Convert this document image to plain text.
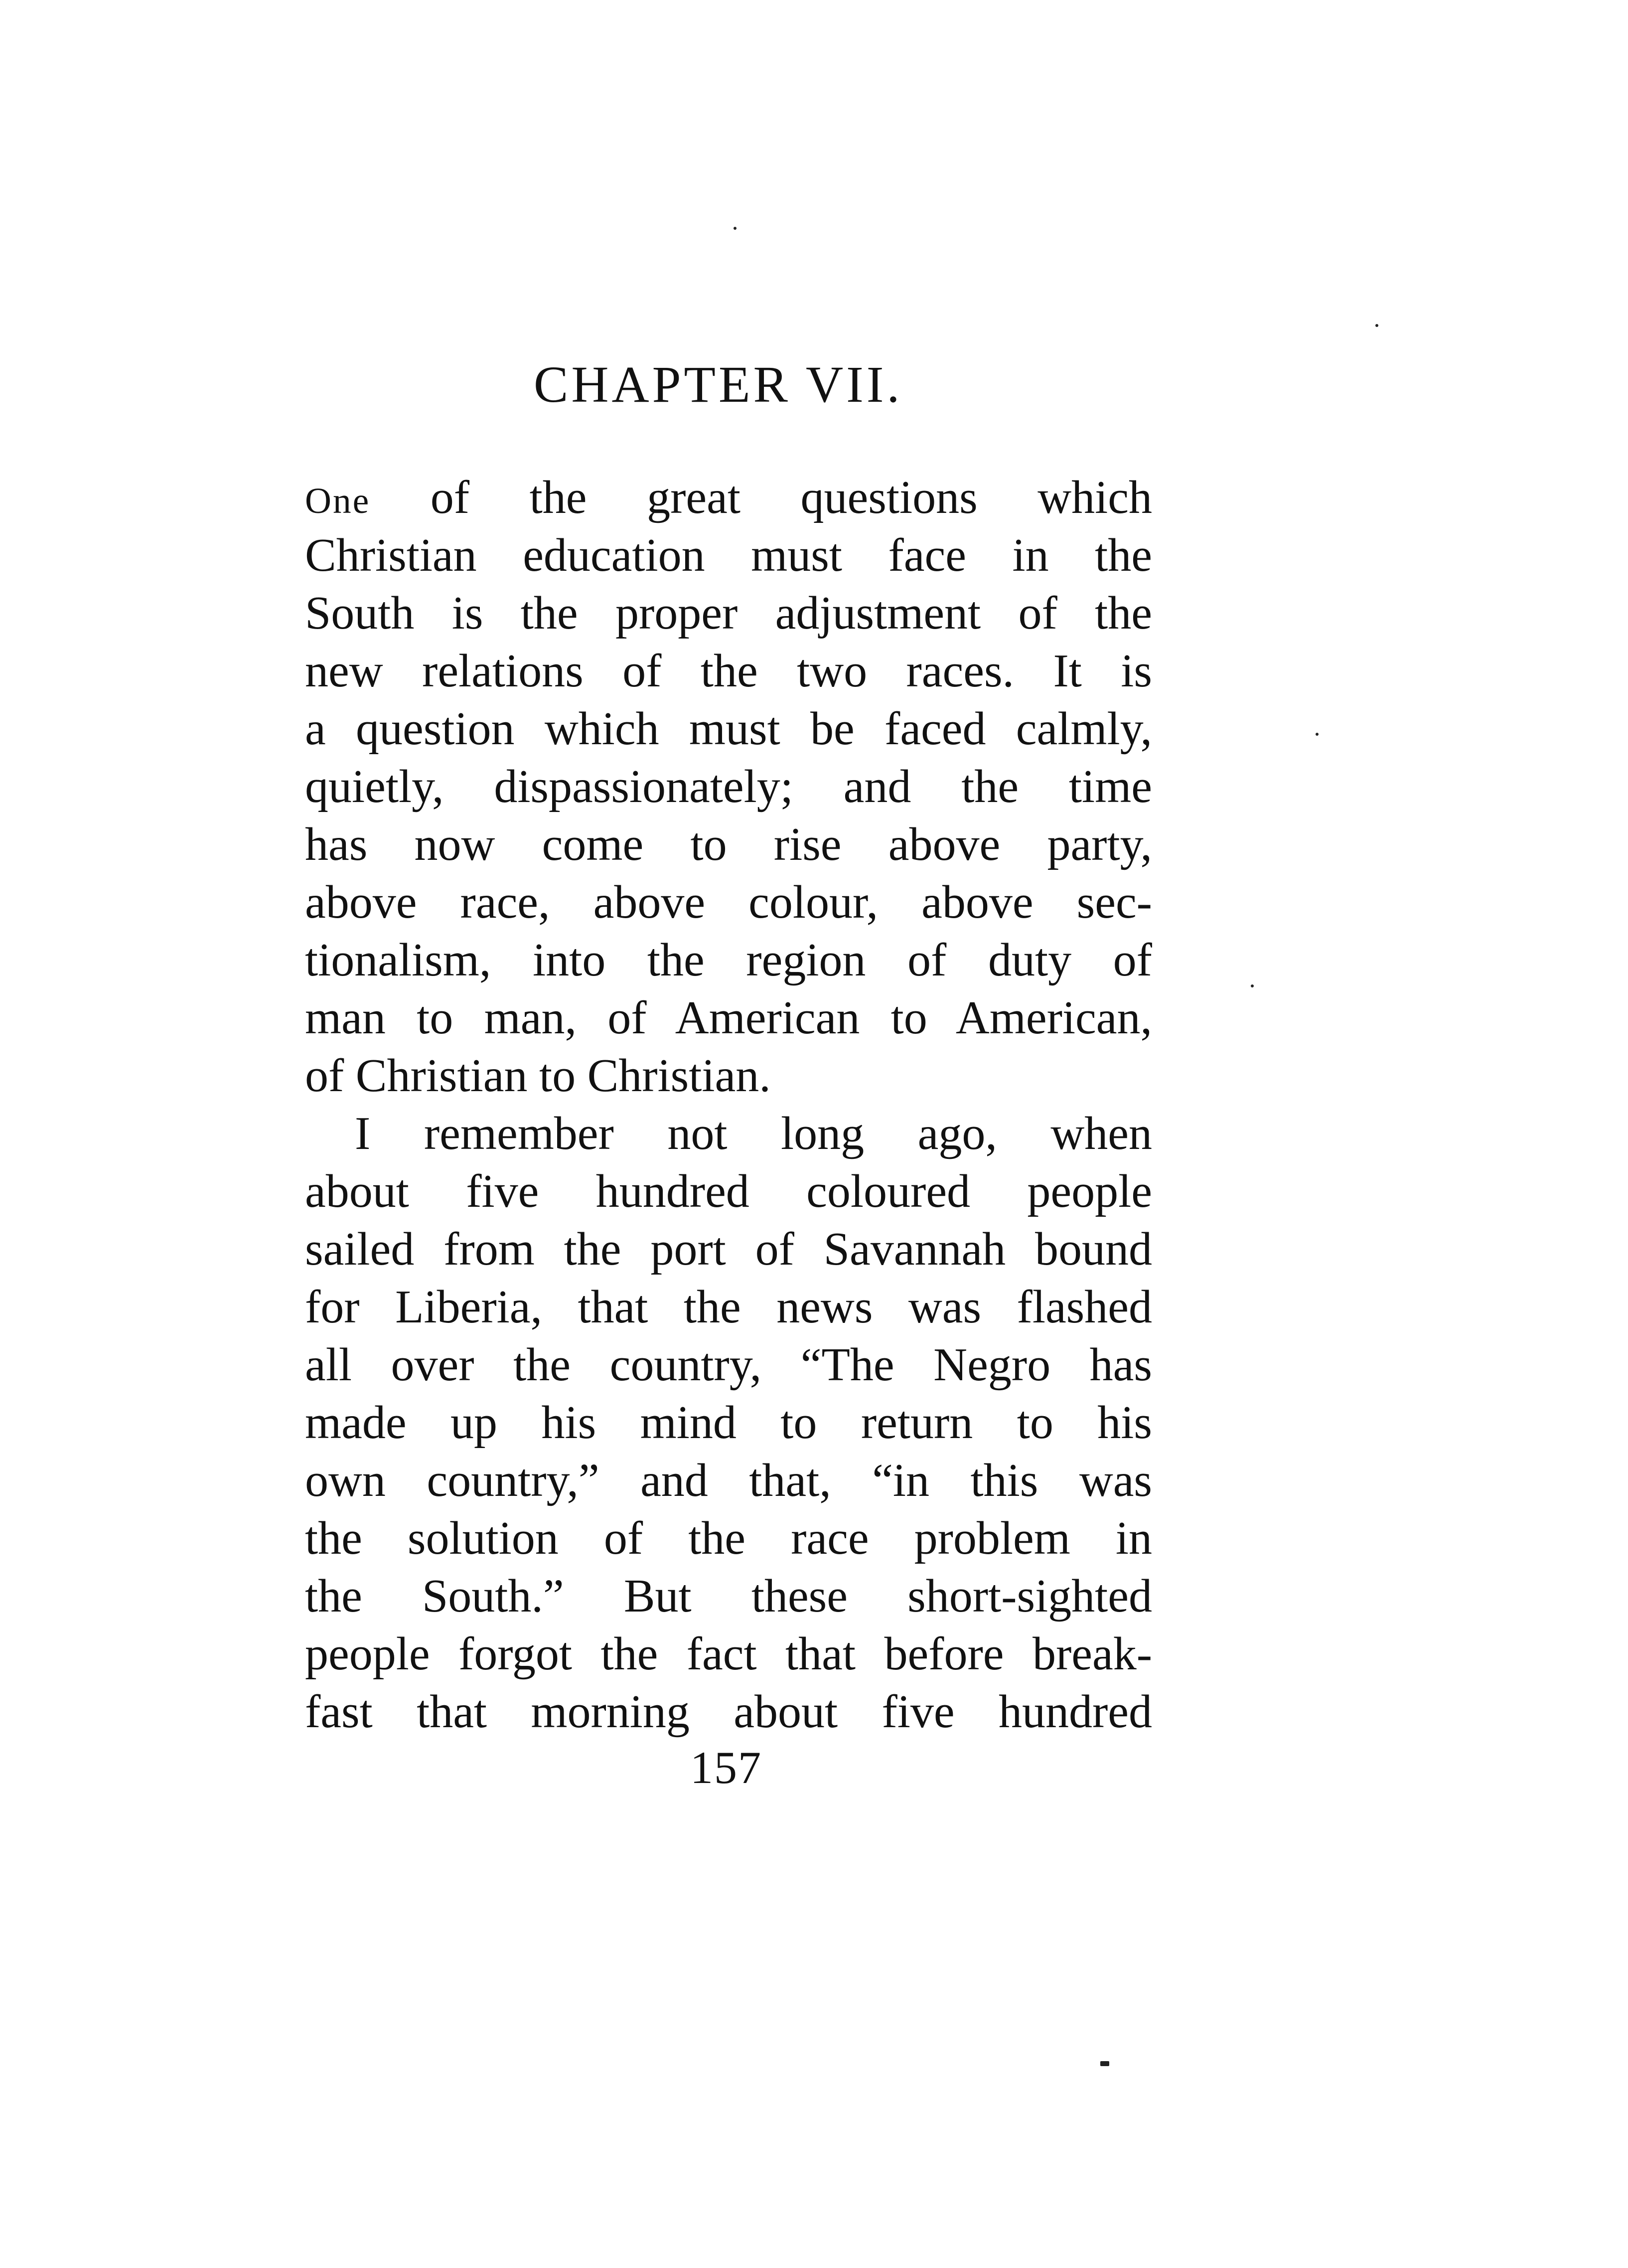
CHAPTER VII.
One of the great questions which
Christian education must face in the
South is the proper adjustment of the
new relations of the two races. It is
a question which must be faced calmly,
quietly, dispassionately; and the time
has now come to rise above party,
above race, above colour, above sec-
tionalism, into the region of duty of
man to man, of American to American,
of Christian to Christian.
I remember not long ago, when
about five hundred coloured people
sailed from the port of Savannah bound
for Liberia, that the news was flashed
all over the country, “The Negro has
made up his mind to return to his
own country,” and that, “in this was
the solution of the race problem in
the South.” But these short-sighted
people forgot the fact that before break-
fast that morning about five hundred
157
